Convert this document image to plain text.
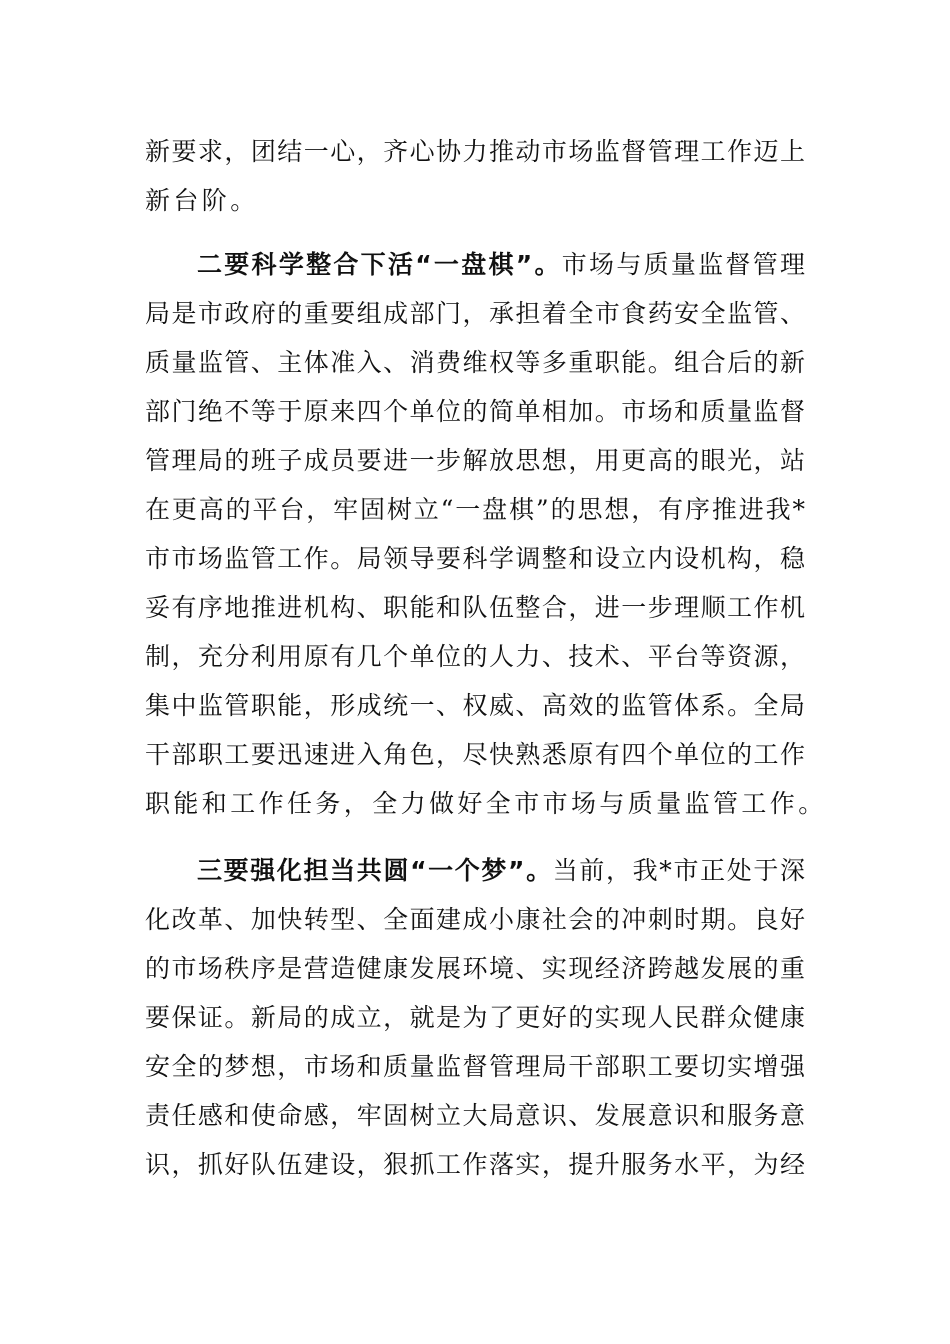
新要求，团结一心，齐心协力推动市场监督管理工作迈上

新台阶。

二要科学整合下活“一盘棋”。市场与质量监督管理

局是市政府的重要组成部门，承担着全市食药安全监管、

质量监管、主体准入、消费维权等多重职能。组合后的新

部门绝不等于原来四个单位的简单相加。市场和质量监督

管理局的班子成员要进一步解放思想，用更高的眼光，站

在更高的平台，牢固树立“一盘棋”的思想，有序推进我*

市市场监管工作。局领导要科学调整和设立内设机构，稳

妥有序地推进机构、职能和队伍整合，进一步理顺工作机

制，充分利用原有几个单位的人力、技术、平台等资源，

集中监管职能，形成统一、权威、高效的监管体系。全局

干部职工要迅速进入角色，尽快熟悉原有四个单位的工作

职能和工作任务，全力做好全市市场与质量监管工作。

三要强化担当共圆“一个梦”。当前，我*市正处于深

化改革、加快转型、全面建成小康社会的冲刺时期。良好

的市场秩序是营造健康发展环境、实现经济跨越发展的重

要保证。新局的成立，就是为了更好的实现人民群众健康

安全的梦想，市场和质量监督管理局干部职工要切实增强

责任感和使命感，牢固树立大局意识、发展意识和服务意

识，抓好队伍建设，狠抓工作落实，提升服务水平，为经
